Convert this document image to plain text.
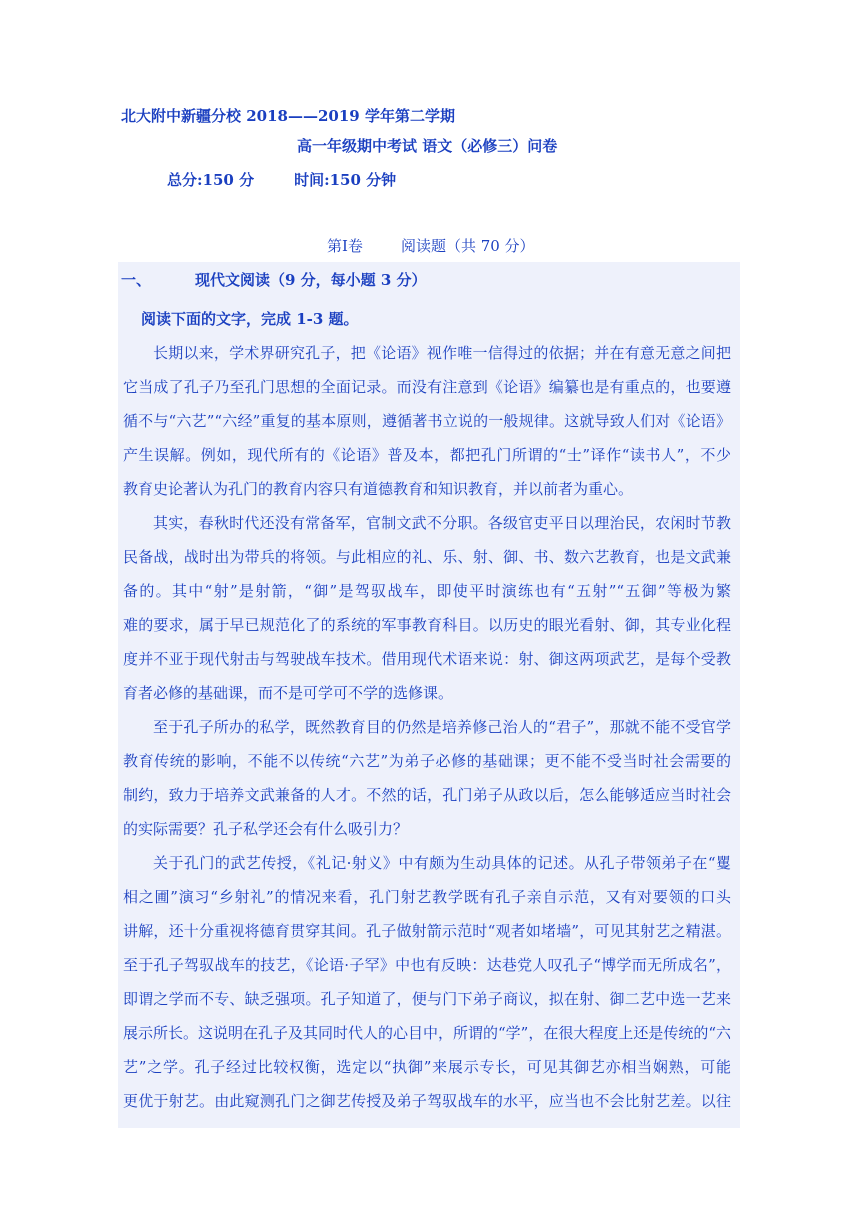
北大附中新疆分校 2018——2019 学年第二学期
高一年级期中考试 语文（必修三）问卷
总分:150 分	时间:150 分钟
第Ⅰ卷	阅读题（共 70 分）
一、	现代文阅读（9 分，每小题 3 分）
阅读下面的文字，完成 1-3 题。
长期以来，学术界研究孔子，把《论语》视作唯一信得过的依据；并在有意无意之间把
它当成了孔子乃至孔门思想的全面记录。而没有注意到《论语》编纂也是有重点的，也要遵
循不与“六艺”“六经”重复的基本原则，遵循著书立说的一般规律。这就导致人们对《论语》
产生误解。例如，现代所有的《论语》普及本，都把孔门所谓的“士”译作“读书人”，不少
教育史论著认为孔门的教育内容只有道德教育和知识教育，并以前者为重心。
其实，春秋时代还没有常备军，官制文武不分职。各级官吏平日以理治民，农闲时节教
民备战，战时出为带兵的将领。与此相应的礼、乐、射、御、书、数六艺教育，也是文武兼
备的。其中“射”是射箭，“御”是驾驭战车，即使平时演练也有“五射”“五御”等极为繁
难的要求，属于早已规范化了的系统的军事教育科目。以历史的眼光看射、御，其专业化程
度并不亚于现代射击与驾驶战车技术。借用现代术语来说：射、御这两项武艺，是每个受教
育者必修的基础课，而不是可学可不学的选修课。
至于孔子所办的私学，既然教育目的仍然是培养修己治人的“君子”，那就不能不受官学
教育传统的影响，不能不以传统“六艺”为弟子必修的基础课；更不能不受当时社会需要的
制约，致力于培养文武兼备的人才。不然的话，孔门弟子从政以后，怎么能够适应当时社会
的实际需要？孔子私学还会有什么吸引力？
关于孔门的武艺传授，《礼记·射义》中有颇为生动具体的记述。从孔子带领弟子在“矍
相之圃”演习“乡射礼”的情况来看，孔门射艺教学既有孔子亲自示范，又有对要领的口头
讲解，还十分重视将德育贯穿其间。孔子做射箭示范时“观者如堵墙”，可见其射艺之精湛。
至于孔子驾驭战车的技艺，《论语·子罕》中也有反映：达巷党人叹孔子“博学而无所成名”，
即谓之学而不专、缺乏强项。孔子知道了，便与门下弟子商议，拟在射、御二艺中选一艺来
展示所长。这说明在孔子及其同时代人的心目中，所谓的“学”，在很大程度上还是传统的“六
艺”之学。孔子经过比较权衡，选定以“执御”来展示专长，可见其御艺亦相当娴熟，可能
更优于射艺。由此窥测孔门之御艺传授及弟子驾驭战车的水平，应当也不会比射艺差。以往
